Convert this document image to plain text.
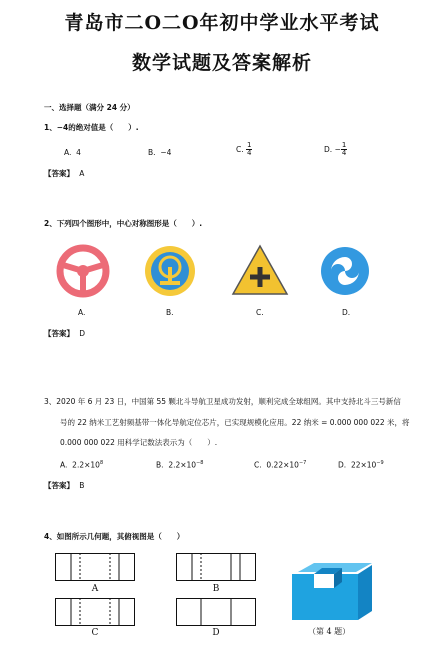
青岛市二O二O年初中学业水平考试
数学试题及答案解析
一、选择题（满分 24 分）
1、−4的绝对值是（　　）.
A. 4	B. −4	C. $\frac{1}{4}$	D. − $\frac{1}{4}$
【答案】 A
2、下列四个图形中，中心对称图形是（　　）.
A.	B.	C.	D.
【答案】 D
3、2020 年 6 月 23 日，中国第 55 颗北斗导航卫星成功发射，顺利完成全球组网。其中支持北斗三号新信
号的 22 纳米工艺射频基带一体化导航定位芯片，已实现规模化应用。22 纳米 = 0.000 000 022 米，将
0.000 000 022 用科学记数法表示为（　　）.
A. $2.2\times 10^8$	B. $2.2\times 10^{-8}$	C. $0.22\times 10^{-7}$	D. $22\times 10^{-9}$
【答案】 B
4、如图所示几何题，其俯视图是（　　）
A	B
C	D	（第 4 题）
